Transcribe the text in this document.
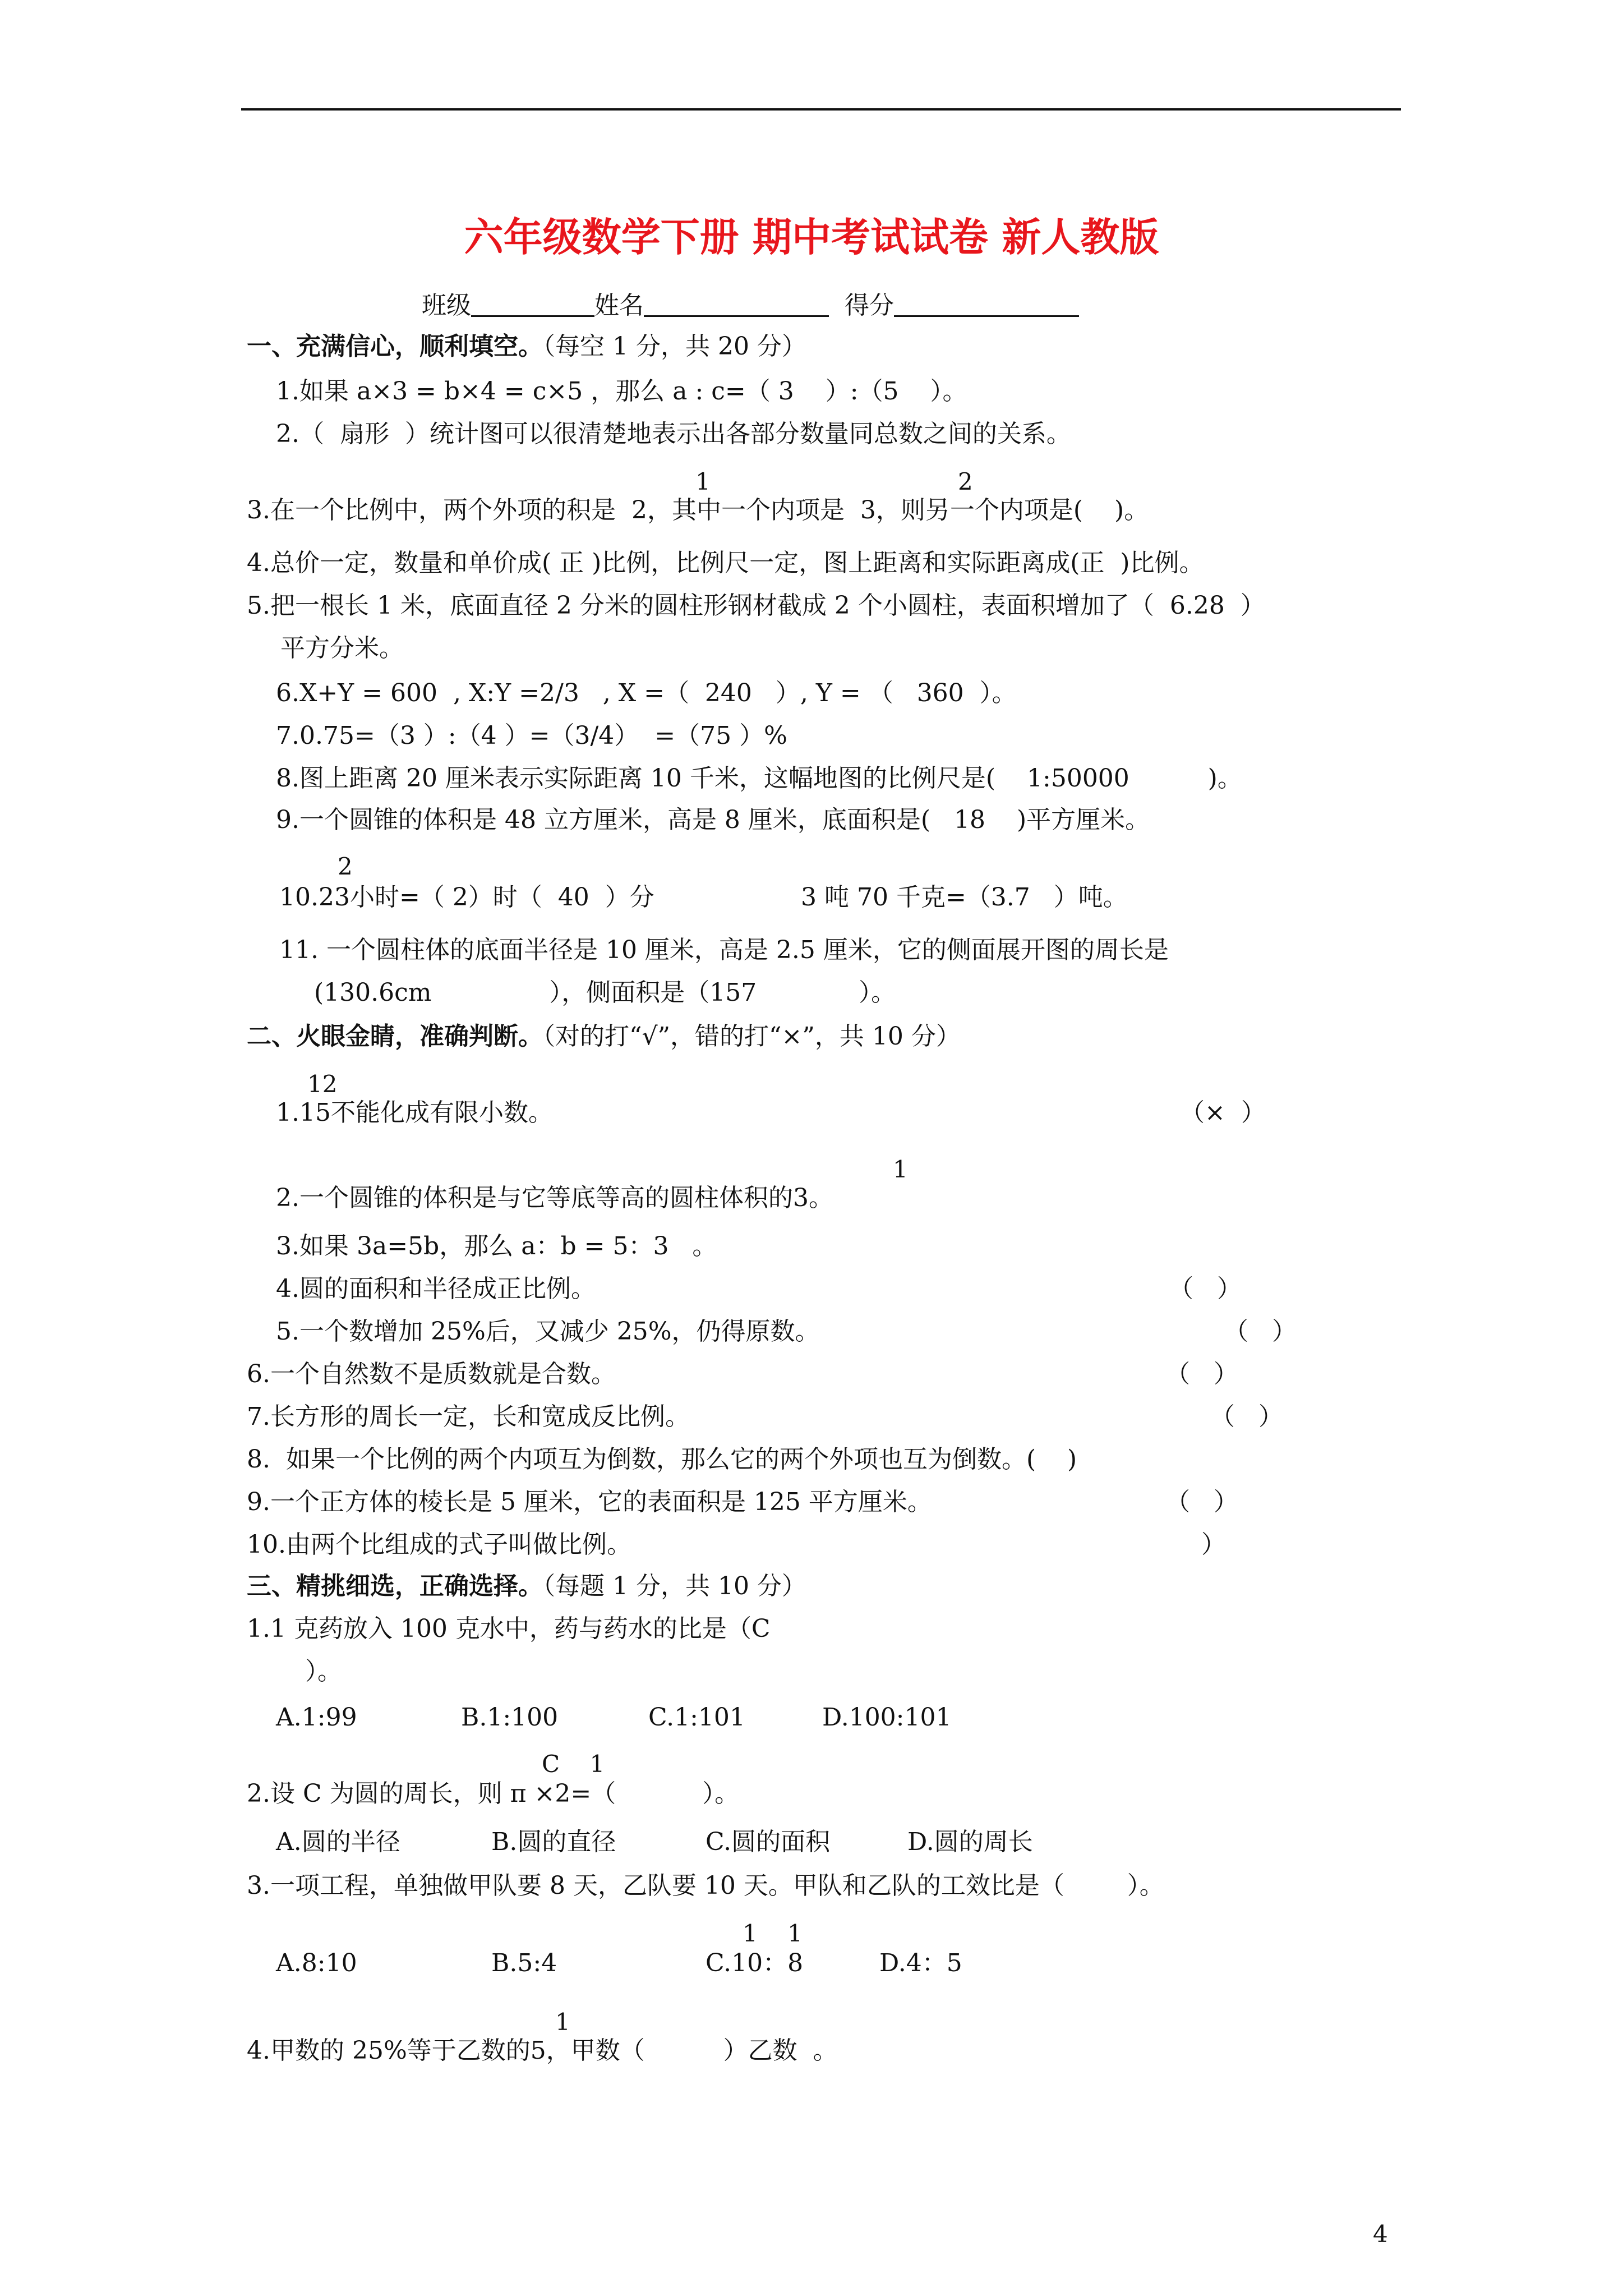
六年级数学下册 期中考试试卷 新人教版
班级	姓名	得分
一、充满信心，顺利填空。（每空 1 分，共 20 分）
1.如果 a×3 = b×4 = c×5 ，那么 a : c=（ 3    ）:（5    ）。
2.（  扇形  ）统计图可以很清楚地表示出各部分数量同总数之间的关系。
1	2
3.在一个比例中，两个外项的积是  2，其中一个内项是  3，则另一个内项是(    )。
4.总价一定，数量和单价成( 正 )比例，比例尺一定，图上距离和实际距离成(正  )比例。
5.把一根长 1 米，底面直径 2 分米的圆柱形钢材截成 2 个小圆柱，表面积增加了（  6.28  ）
平方分米。
6.X+Y = 600  , X:Y =2/3   , X =（  240   ）, Y = （   360  ）。
7.0.75=（3 ）:（4 ）=（3/4）  =（75 ）%
8.图上距离 20 厘米表示实际距离 10 千米，这幅地图的比例尺是(    1:50000          )。
9.一个圆锥的体积是 48 立方厘米，高是 8 厘米，底面积是(   18    )平方厘米。
2
10.23小时=（ 2）时（  40  ）分	3 吨 70 千克=（3.7   ）吨。
11. 一个圆柱体的底面半径是 10 厘米，高是 2.5 厘米，它的侧面展开图的周长是
(130.6cm               ），侧面积是（157             ）。
二、火眼金睛，准确判断。（对的打“√”，错的打“×”，共 10 分）
12
1.15不能化成有限小数。	（×  ）
1
2.一个圆锥的体积是与它等底等高的圆柱体积的3。
3.如果 3a=5b，那么 a：b = 5：3   。
4.圆的面积和半径成正比例。	（   ）
5.一个数增加 25%后，又减少 25%，仍得原数。	（   ）
6.一个自然数不是质数就是合数。	（   ）
7.长方形的周长一定，长和宽成反比例。	（   ）
8.  如果一个比例的两个内项互为倒数，那么它的两个外项也互为倒数。(    )
9.一个正方体的棱长是 5 厘米，它的表面积是 125 平方厘米。	（   ）
10.由两个比组成的式子叫做比例。	）
三、精挑细选，正确选择。（每题 1 分，共 10 分）
1.1 克药放入 100 克水中，药与药水的比是（C
）。
A.1:99	B.1:100	C.1:101	D.100:101
C    1
2.设 C 为圆的周长，则 π ×2=（           ）。
A.圆的半径	B.圆的直径	C.圆的面积	D.圆的周长
3.一项工程，单独做甲队要 8 天，乙队要 10 天。甲队和乙队的工效比是（        ）。
1    1
A.8:10	B.5:4	C.10：8	D.4：5
1
4.甲数的 25%等于乙数的5，甲数（          ）乙数  。
4
